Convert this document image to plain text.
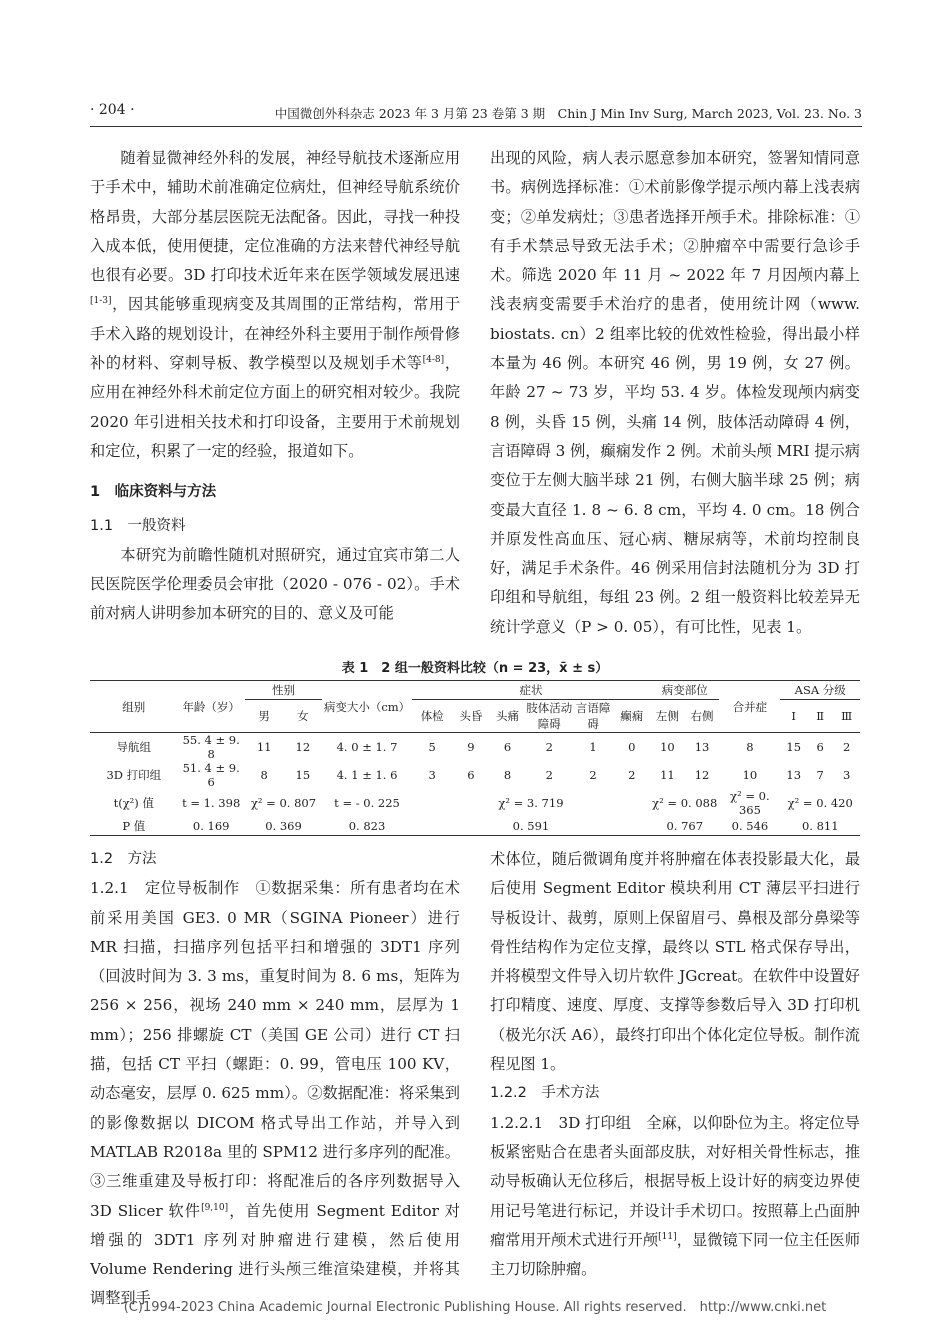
· 204 ·	中国微创外科杂志 2023 年 3 月第 23 卷第 3 期　Chin J Min Inv Surg, March 2023, Vol. 23. No. 3

随着显微神经外科的发展，神经导航技术逐渐应用于手术中，辅助术前准确定位病灶，但神经导航系统价格昂贵，大部分基层医院无法配备。因此，寻找一种投入成本低，使用便捷，定位准确的方法来替代神经导航也很有必要。3D 打印技术近年来在医学领域发展迅速[1-3]，因其能够重现病变及其周围的正常结构，常用于手术入路的规划设计，在神经外科主要用于制作颅骨修补的材料、穿刺导板、教学模型以及规划手术等[4-8]，应用在神经外科术前定位方面上的研究相对较少。我院 2020 年引进相关技术和打印设备，主要用于术前规划和定位，积累了一定的经验，报道如下。

1　临床资料与方法

1.1　一般资料

本研究为前瞻性随机对照研究，通过宜宾市第二人民医院医学伦理委员会审批（2020 - 076 - 02）。手术前对病人讲明参加本研究的目的、意义及可能

出现的风险，病人表示愿意参加本研究，签署知情同意书。病例选择标准：①术前影像学提示颅内幕上浅表病变；②单发病灶；③患者选择开颅手术。排除标准：①有手术禁忌导致无法手术；②肿瘤卒中需要行急诊手术。筛选 2020 年 11 月 ~ 2022 年 7 月因颅内幕上浅表病变需要手术治疗的患者，使用统计网（www. biostats. cn）2 组率比较的优效性检验，得出最小样本量为 46 例。本研究 46 例，男 19 例，女 27 例。年龄 27 ~ 73 岁，平均 53. 4 岁。体检发现颅内病变 8 例，头昏 15 例，头痛 14 例，肢体活动障碍 4 例，言语障碍 3 例，癫痫发作 2 例。术前头颅 MRI 提示病变位于左侧大脑半球 21 例，右侧大脑半球 25 例；病变最大直径 1. 8 ~ 6. 8 cm，平均 4. 0 cm。18 例合并原发性高血压、冠心病、糖尿病等，术前均控制良好，满足手术条件。46 例采用信封法随机分为 3D 打印组和导航组，每组 23 例。2 组一般资料比较差异无统计学意义（P > 0. 05），有可比性，见表 1。

表 1　2 组一般资料比较（n = 23，x̄ ± s）
组别	年龄（岁）	性别		病变大小（cm）	症状						病变部位		合并症	ASA 分级		
		男	女		体检	头昏	头痛	肢体活动障碍	言语障碍	癫痫	左侧	右侧		Ⅰ	Ⅱ	Ⅲ
导航组	55. 4 ± 9. 8	11	12	4. 0 ± 1. 7	5	9	6	2	1	0	10	13	8	15	6	2
3D 打印组	51. 4 ± 9. 6	8	15	4. 1 ± 1. 6	3	6	8	2	2	2	11	12	10	13	7	3
t(χ²) 值	t = 1. 398	χ² = 0. 807		t = - 0. 225	χ² = 3. 719						χ² = 0. 088		χ² = 0. 365	χ² = 0. 420		
P 值	0. 169	0. 369		0. 823	0. 591						0. 767		0. 546	0. 811		

1.2　方法

1.2.1　定位导板制作　①数据采集：所有患者均在术前采用美国 GE3. 0 MR（SGINA Pioneer）进行 MR 扫描，扫描序列包括平扫和增强的 3DT1 序列（回波时间为 3. 3 ms，重复时间为 8. 6 ms，矩阵为 256 × 256，视场 240 mm × 240 mm，层厚为 1 mm）；256 排螺旋 CT（美国 GE 公司）进行 CT 扫描，包括 CT 平扫（螺距：0. 99，管电压 100 KV，动态毫安，层厚 0. 625 mm）。②数据配准：将采集到的影像数据以 DICOM 格式导出工作站，并导入到 MATLAB R2018a 里的 SPM12 进行多序列的配准。③三维重建及导板打印：将配准后的各序列数据导入 3D Slicer 软件[9,10]，首先使用 Segment Editor 对增强的 3DT1 序列对肿瘤进行建模，然后使用 Volume Rendering 进行头颅三维渲染建模，并将其调整到手

术体位，随后微调角度并将肿瘤在体表投影最大化，最后使用 Segment Editor 模块利用 CT 薄层平扫进行导板设计、裁剪，原则上保留眉弓、鼻根及部分鼻梁等骨性结构作为定位支撑，最终以 STL 格式保存导出，并将模型文件导入切片软件 JGcreat。在软件中设置好打印精度、速度、厚度、支撑等参数后导入 3D 打印机（极光尔沃 A6），最终打印出个体化定位导板。制作流程见图 1。

1.2.2　手术方法

1.2.2.1　3D 打印组　全麻，以仰卧位为主。将定位导板紧密贴合在患者头面部皮肤，对好相关骨性标志，推动导板确认无位移后，根据导板上设计好的病变边界使用记号笔进行标记，并设计手术切口。按照幕上凸面肿瘤常用开颅术式进行开颅[11]，显微镜下同一位主任医师主刀切除肿瘤。

(C)1994-2023 China Academic Journal Electronic Publishing House. All rights reserved.　http://www.cnki.net
